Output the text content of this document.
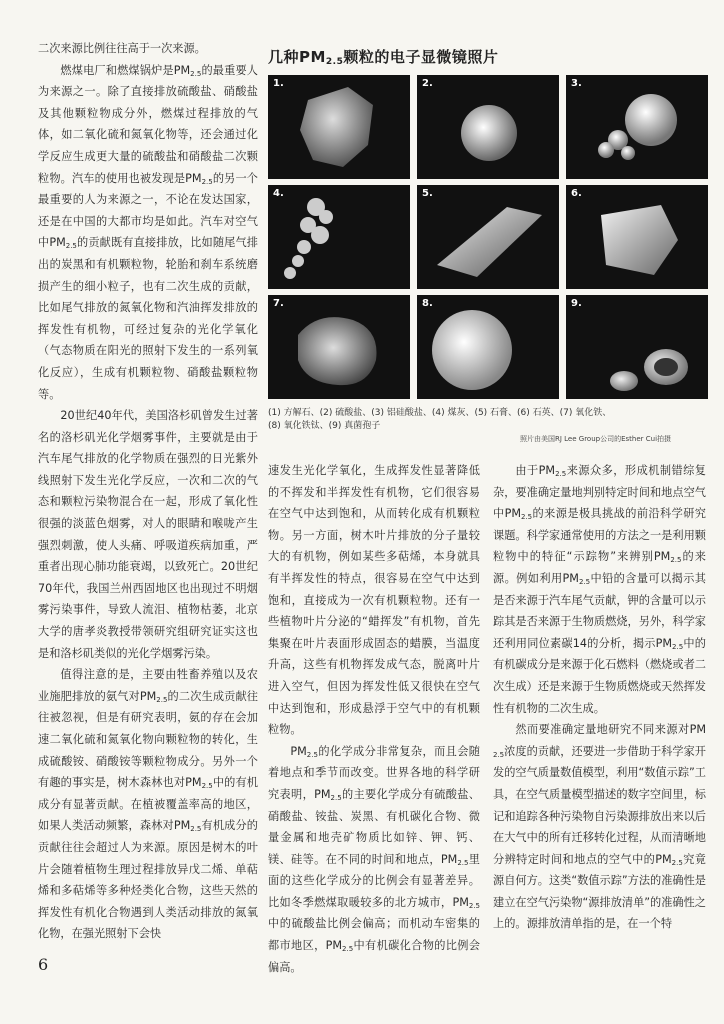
二次来源比例往往高于一次来源。

燃煤电厂和燃煤锅炉是$PM_{2.5}$的最重要人为来源之一。除了直接排放硫酸盐、硝酸盐及其他颗粒物成分外，燃煤过程排放的气体，如二氧化硫和氮氧化物等，还会通过化学反应生成更大量的硫酸盐和硝酸盐二次颗粒物。汽车的使用也被发现是$PM_{2.5}$的另一个最重要的人为来源之一，不论在发达国家，还是在中国的大都市均是如此。汽车对空气中$PM_{2.5}$的贡献既有直接排放，比如随尾气排出的炭黑和有机颗粒物，轮胎和刹车系统磨损产生的细小粒子，也有二次生成的贡献，比如尾气排放的氮氧化物和汽油挥发排放的挥发性有机物，可经过复杂的光化学氧化（气态物质在阳光的照射下发生的一系列氧化反应），生成有机颗粒物、硝酸盐颗粒物等。

20世纪40年代，美国洛杉矶曾发生过著名的洛杉矶光化学烟雾事件，主要就是由于汽车尾气排放的化学物质在强烈的日光紫外线照射下发生光化学反应，一次和二次的气态和颗粒污染物混合在一起，形成了氧化性很强的淡蓝色烟雾，对人的眼睛和喉咙产生强烈刺激，使人头痛、呼吸道疾病加重，严重者出现心肺功能衰竭，以致死亡。20世纪70年代，我国兰州西固地区也出现过不明烟雾污染事件，导致人流泪、植物枯萎，北京大学的唐孝炎教授带领研究组研究证实这也是和洛杉矶类似的光化学烟雾污染。

值得注意的是，主要由牲畜养殖以及农业施肥排放的氨气对$PM_{2.5}$的二次生成贡献往往被忽视，但是有研究表明，氨的存在会加速二氧化硫和氮氧化物向颗粒物的转化，生成硫酸铵、硝酸铵等颗粒物成分。另外一个有趣的事实是，树木森林也对$PM_{2.5}$中的有机成分有显著贡献。在植被覆盖率高的地区，如果人类活动频繁，森林对$PM_{2.5}$有机成分的贡献往往会超过人为来源。原因是树木的叶片会随着植物生理过程排放异戊二烯、单萜烯和多萜烯等多种烃类化合物，这些天然的挥发性有机化合物遇到人类活动排放的氮氧化物，在强光照射下会快

几种$PM_{2.5}$颗粒的电子显微镜照片
1.	2.	3.
4.	5.	6.
7.	8.	9.

(1) 方解石、(2) 硫酸盐、(3) 铝硅酸盐、(4) 煤灰、(5) 石膏、(6) 石英、(7) 氧化铁、

(8) 氧化铁钛、(9) 真菌孢子

照片由美国RJ Lee Group公司的Esther Cui拍摄

速发生光化学氧化，生成挥发性显著降低的不挥发和半挥发性有机物，它们很容易在空气中达到饱和，从而转化成有机颗粒物。另一方面，树木叶片排放的分子量较大的有机物，例如某些多萜烯，本身就具有半挥发性的特点，很容易在空气中达到饱和，直接成为一次有机颗粒物。还有一些植物叶片分泌的“蜡挥发”有机物，首先集聚在叶片表面形成固态的蜡膜，当温度升高，这些有机物挥发成气态，脱离叶片进入空气，但因为挥发性低又很快在空气中达到饱和，形成悬浮于空气中的有机颗粒物。

$PM_{2.5}$的化学成分非常复杂，而且会随着地点和季节而改变。世界各地的科学研究表明，$PM_{2.5}$的主要化学成分有硫酸盐、硝酸盐、铵盐、炭黑、有机碳化合物、微量金属和地壳矿物质比如锌、钾、钙、镁、硅等。在不同的时间和地点，$PM_{2.5}$里面的这些化学成分的比例会有显著差异。比如冬季燃煤取暖较多的北方城市，$PM_{2.5}$中的硫酸盐比例会偏高；而机动车密集的都市地区，$PM_{2.5}$中有机碳化合物的比例会偏高。

由于$PM_{2.5}$来源众多，形成机制错综复杂，要准确定量地判别特定时间和地点空气中$PM_{2.5}$的来源是极具挑战的前沿科学研究课题。科学家通常使用的方法之一是利用颗粒物中的特征“示踪物”来辨别$PM_{2.5}$的来源。例如利用$PM_{2.5}$中铅的含量可以揭示其是否来源于汽车尾气贡献，钾的含量可以示踪其是否来源于生物质燃烧，另外，科学家还利用同位素碳14的分析，揭示$PM_{2.5}$中的有机碳成分是来源于化石燃料（燃烧或者二次生成）还是来源于生物质燃烧或天然挥发性有机物的二次生成。

然而要准确定量地研究不同来源对$PM_{2.5}$浓度的贡献，还要进一步借助于科学家开发的空气质量数值模型，利用“数值示踪”工具，在空气质量模型描述的数字空间里，标记和追踪各种污染物自污染源排放出来以后在大气中的所有迁移转化过程，从而清晰地分辨特定时间和地点的空气中的$PM_{2.5}$究竟源自何方。这类“数值示踪”方法的准确性是建立在空气污染物“源排放清单”的准确性之上的。源排放清单指的是，在一个特

6
